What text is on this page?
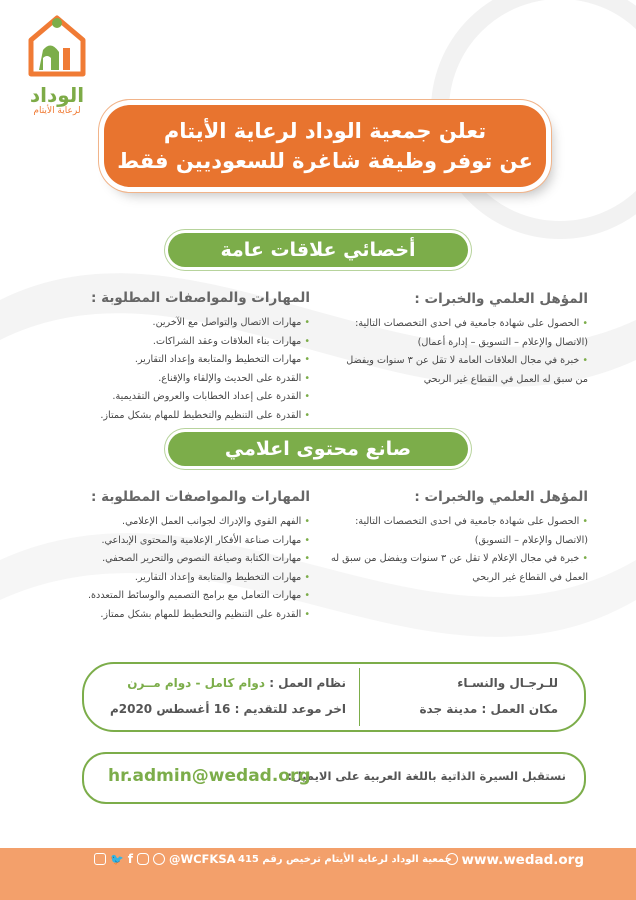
الوداد
لرعاية الأيتام
تعلن جمعية الوداد لرعاية الأيتام
عن توفر وظيفة شاغرة للسعوديين فقط
أخصائي علاقات عامة
المؤهل العلمي والخبرات :
• الحصول على شهادة جامعية في احدى التخصصات التالية:
(الاتصال والإعلام – التسويق – إدارة أعمال)
• خبرة في مجال العلاقات العامة لا تقل عن ٣ سنوات ويفضل
من سبق له العمل في القطاع غير الربحي
المهارات والمواصفات المطلوبة :
• مهارات الاتصال والتواصل مع الآخرين.
• مهارات بناء العلاقات وعقد الشراكات.
• مهارات التخطيط والمتابعة وإعداد التقارير.
• القدرة على الحديث والإلقاء والإقناع.
• القدرة على إعداد الخطابات والعروض التقديمية.
• القدرة على التنظيم والتخطيط للمهام بشكل ممتاز.
صانع محتوى اعلامي
المؤهل العلمي والخبرات :
• الحصول على شهادة جامعية في احدى التخصصات التالية:
(الاتصال والإعلام – التسويق)
• خبرة في مجال الإعلام لا تقل عن ٣ سنوات ويفضل من سبق له
العمل في القطاع غير الربحي
المهارات والمواصفات المطلوبة :
• الفهم القوي والإدراك لجوانب العمل الإعلامي.
• مهارات صناعة الأفكار الإعلامية والمحتوى الإبداعي.
• مهارات الكتابة وصياغة النصوص والتحرير الصحفي.
• مهارات التخطيط والمتابعة وإعداد التقارير.
• مهارات التعامل مع برامج التصميم والوسائط المتعددة.
• القدرة على التنظيم والتخطيط للمهام بشكل ممتاز.
للـرجـال والنسـاء
مكان العمل : مدينة جدة
نظام العمل : دوام كامل - دوام مــرن
اخر موعد للتقديم : 16 أغسطس 2020م
نستقبل السيرة الذاتية باللغة العربية على الايميل:
hr.admin@wedad.org
www.wedad.org
جمعية الوداد لرعاية الأيتام ترخيص رقم 415
🐦 f	@WCFKSA
